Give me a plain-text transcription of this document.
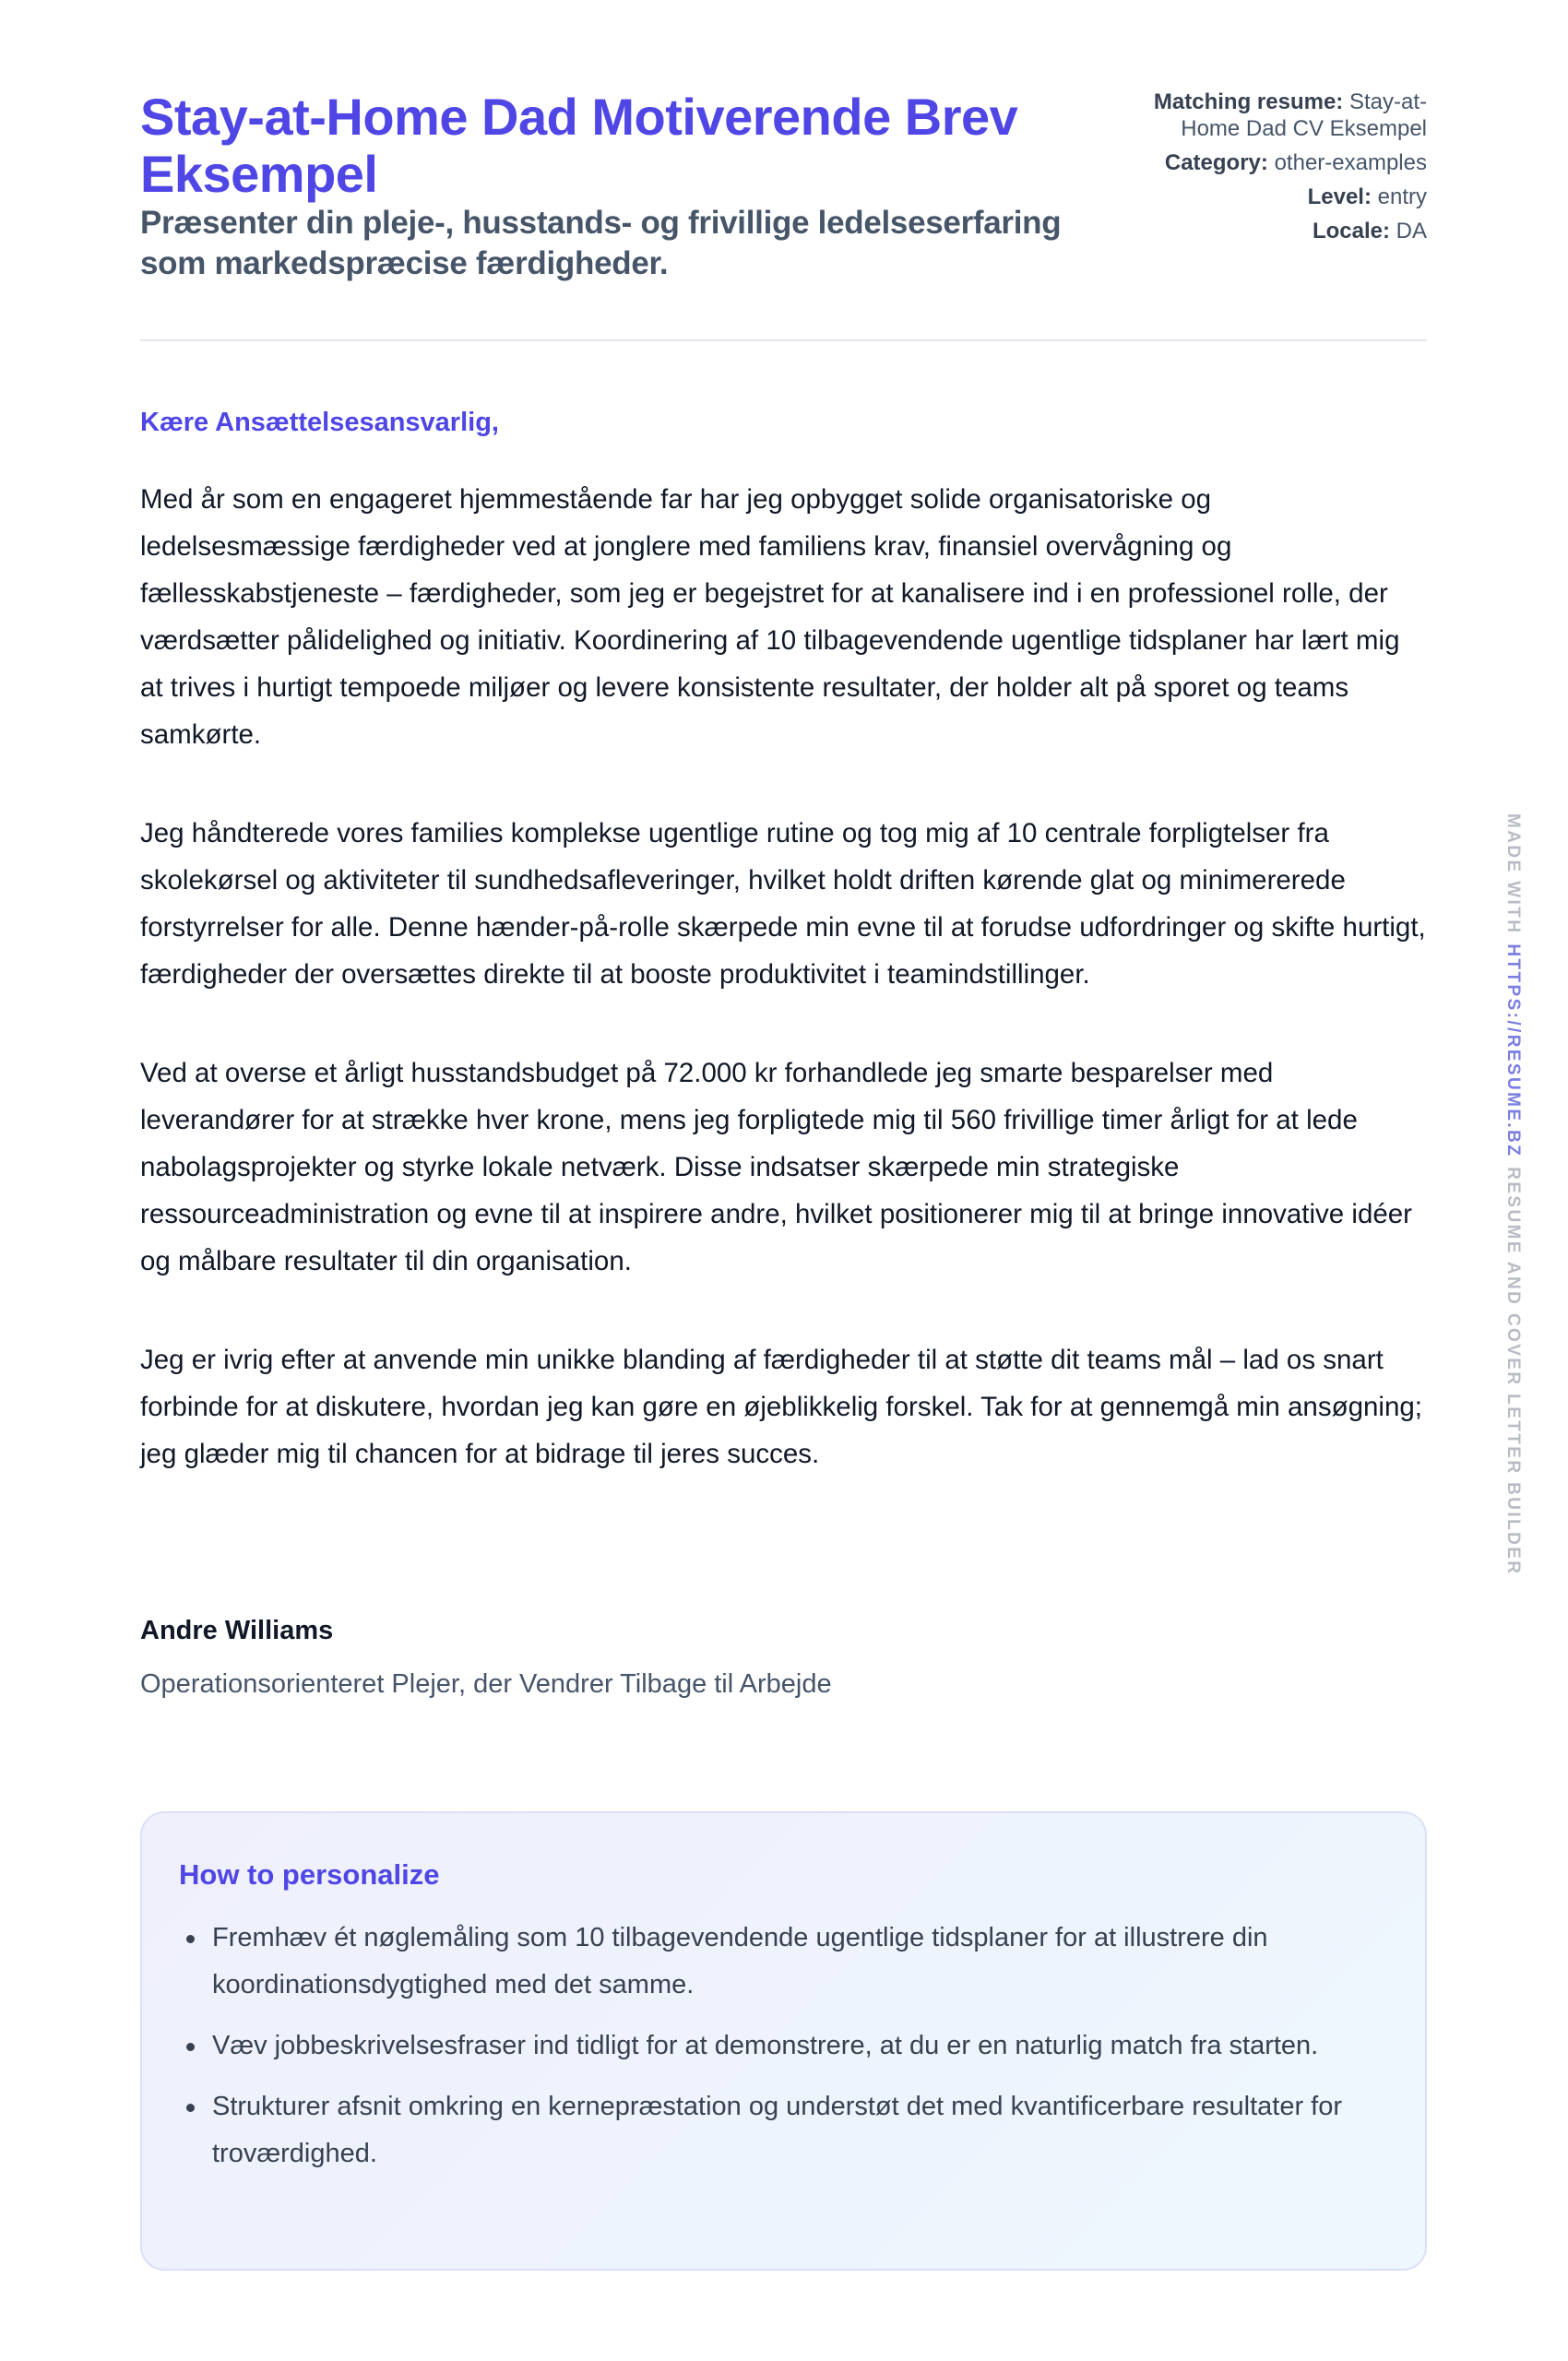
Stay-at-Home Dad Motiverende Brev Eksempel
Præsenter din pleje-, husstands- og frivillige ledelseserfaring som markedspræcise færdigheder.
Matching resume: Stay-at-Home Dad CV Eksempel
Category: other-examples
Level: entry
Locale: DA
Kære Ansættelsesansvarlig,

Med år som en engageret hjemmestående far har jeg opbygget solide organisatoriske og ledelsesmæssige færdigheder ved at jonglere med familiens krav, finansiel overvågning og fællesskabstjeneste – færdigheder, som jeg er begejstret for at kanalisere ind i en professionel rolle, der værdsætter pålidelighed og initiativ. Koordinering af 10 tilbagevendende ugentlige tidsplaner har lært mig at trives i hurtigt tempoede miljøer og levere konsistente resultater, der holder alt på sporet og teams samkørte.

Jeg håndterede vores families komplekse ugentlige rutine og tog mig af 10 centrale forpligtelser fra skolekørsel og aktiviteter til sundhedsafleveringer, hvilket holdt driften kørende glat og minimererede forstyrrelser for alle. Denne hænder-på-rolle skærpede min evne til at forudse udfordringer og skifte hurtigt, færdigheder der oversættes direkte til at booste produktivitet i teamindstillinger.

Ved at overse et årligt husstandsbudget på 72.000 kr forhandlede jeg smarte besparelser med leverandører for at strække hver krone, mens jeg forpligtede mig til 560 frivillige timer årligt for at lede nabolagsprojekter og styrke lokale netværk. Disse indsatser skærpede min strategiske ressourceadministration og evne til at inspirere andre, hvilket positionerer mig til at bringe innovative idéer og målbare resultater til din organisation.

Jeg er ivrig efter at anvende min unikke blanding af færdigheder til at støtte dit teams mål – lad os snart forbinde for at diskutere, hvordan jeg kan gøre en øjeblikkelig forskel. Tak for at gennemgå min ansøgning; jeg glæder mig til chancen for at bidrage til jeres succes.

Andre Williams
Operationsorienteret Plejer, der Vendrer Tilbage til Arbejde
How to personalize
Fremhæv ét nøglemåling som 10 tilbagevendende ugentlige tidsplaner for at illustrere din koordinationsdygtighed med det samme.
Væv jobbeskrivelsesfraser ind tidligt for at demonstrere, at du er en naturlig match fra starten.
Strukturer afsnit omkring en kernepræstation og understøt det med kvantificerbare resultater for troværdighed.
MADE WITHHTTPS://RESUME.BZRESUME AND COVER LETTER BUILDER
